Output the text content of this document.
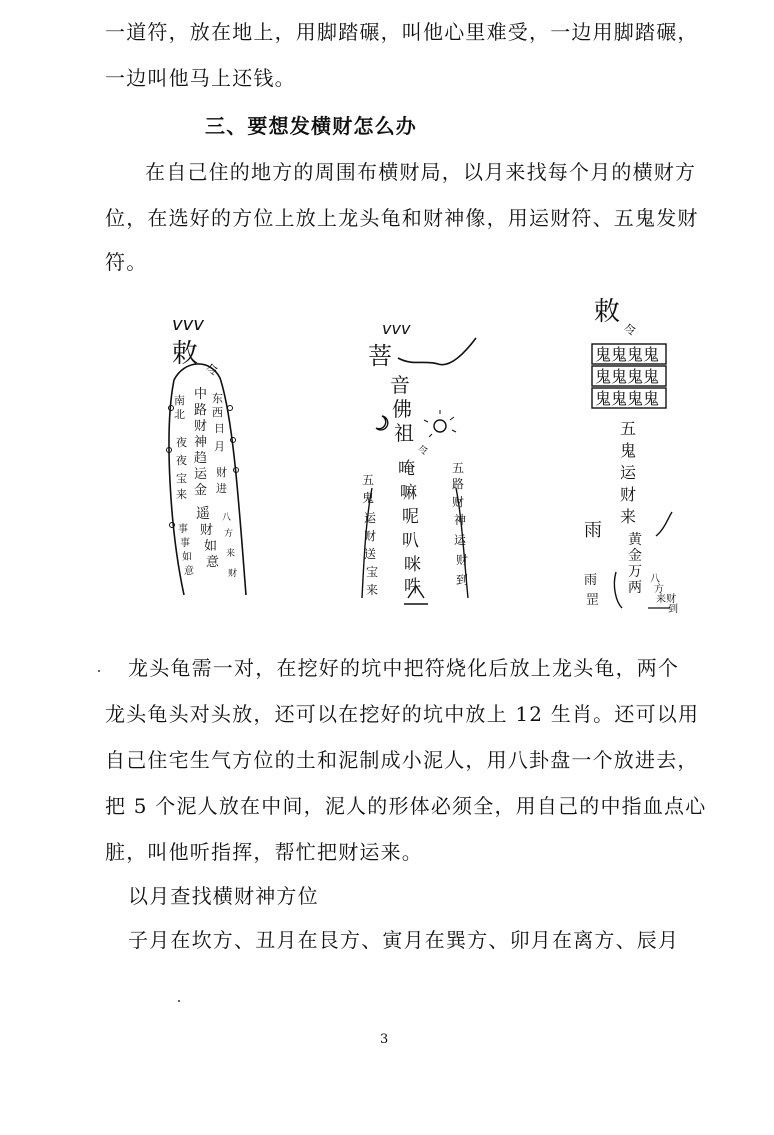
一道符，放在地上，用脚踏碾，叫他心里难受，一边用脚踏碾，
一边叫他马上还钱。
三、要想发横财怎么办
在自己住的地方的周围布横财局，以月来找每个月的横财方
位，在选好的方位上放上龙头龟和财神像，用运财符、五鬼发财
符。
vvv
敕
令
中
路
财
神
趋
运
金
东
西
日
月
财
进
南
北
夜
夜
宝
来
遥
财
如
意
事
事
如
意
八
方
来
财
vvv
菩
音
佛
祖
令
唵
嘛
呢
叭
咪
吽
五
鬼
运
财
送
宝
来
五
路
财
神
运
财
到
敕
令
鬼鬼鬼鬼
鬼鬼鬼鬼
鬼鬼鬼鬼
五
鬼
运
财
来
黄
金
万
两
雨
雨
罡
八
方
来 财
到
龙头龟需一对，在挖好的坑中把符烧化后放上龙头龟，两个
龙头龟头对头放，还可以在挖好的坑中放上 12 生肖。还可以用
自己住宅生气方位的土和泥制成小泥人，用八卦盘一个放进去，
把 5 个泥人放在中间，泥人的形体必须全，用自己的中指血点心
脏，叫他听指挥，帮忙把财运来。
以月查找横财神方位
子月在坎方、丑月在艮方、寅月在巽方、卯月在离方、辰月
3
